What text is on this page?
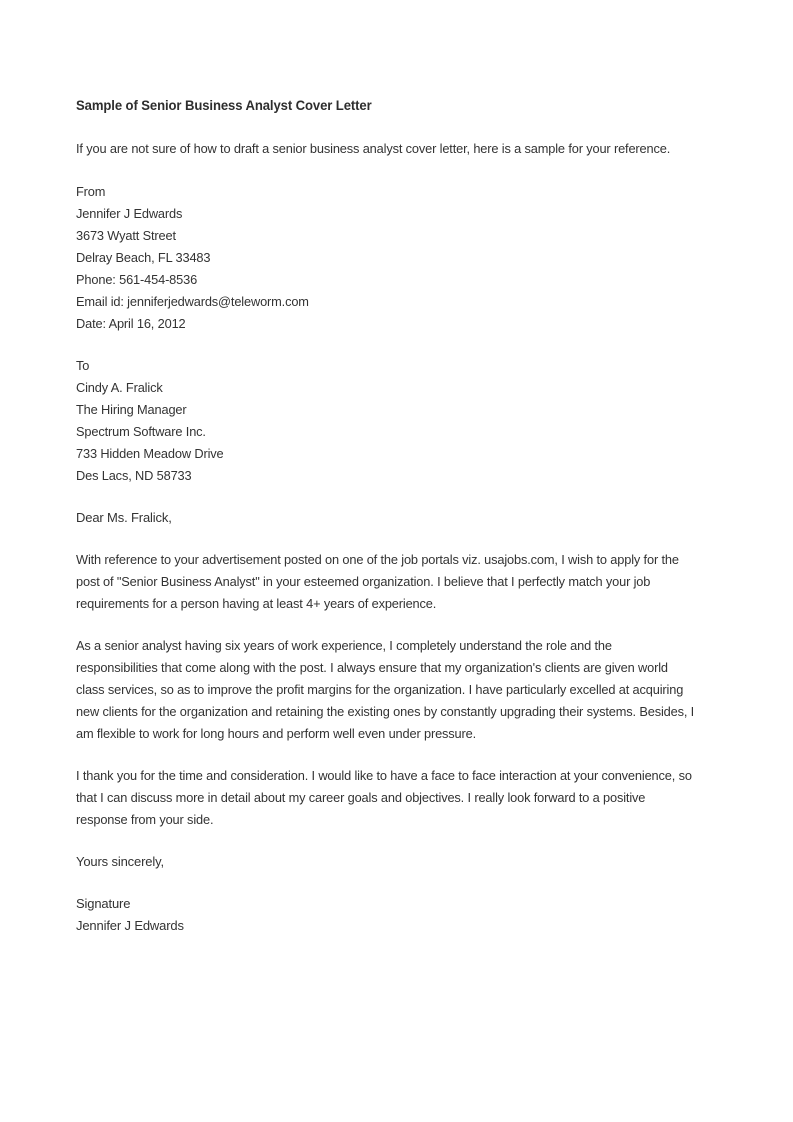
Sample of Senior Business Analyst Cover Letter

If you are not sure of how to draft a senior business analyst cover letter, here is a sample for your reference.

From
Jennifer J Edwards
3673 Wyatt Street
Delray Beach, FL 33483
Phone: 561-454-8536
Email id: jenniferjedwards@teleworm.com
Date: April 16, 2012
To
Cindy A. Fralick
The Hiring Manager
Spectrum Software Inc.
733 Hidden Meadow Drive
Des Lacs, ND 58733

Dear Ms. Fralick,

With reference to your advertisement posted on one of the job portals viz. usajobs.com, I wish to apply for the post of "Senior Business Analyst" in your esteemed organization. I believe that I perfectly match your job requirements for a person having at least 4+ years of experience.

As a senior analyst having six years of work experience, I completely understand the role and the responsibilities that come along with the post. I always ensure that my organization's clients are given world class services, so as to improve the profit margins for the organization. I have particularly excelled at acquiring new clients for the organization and retaining the existing ones by constantly upgrading their systems. Besides, I am flexible to work for long hours and perform well even under pressure.

I thank you for the time and consideration. I would like to have a face to face interaction at your convenience, so that I can discuss more in detail about my career goals and objectives. I really look forward to a positive response from your side.

Yours sincerely,

Signature
Jennifer J Edwards
